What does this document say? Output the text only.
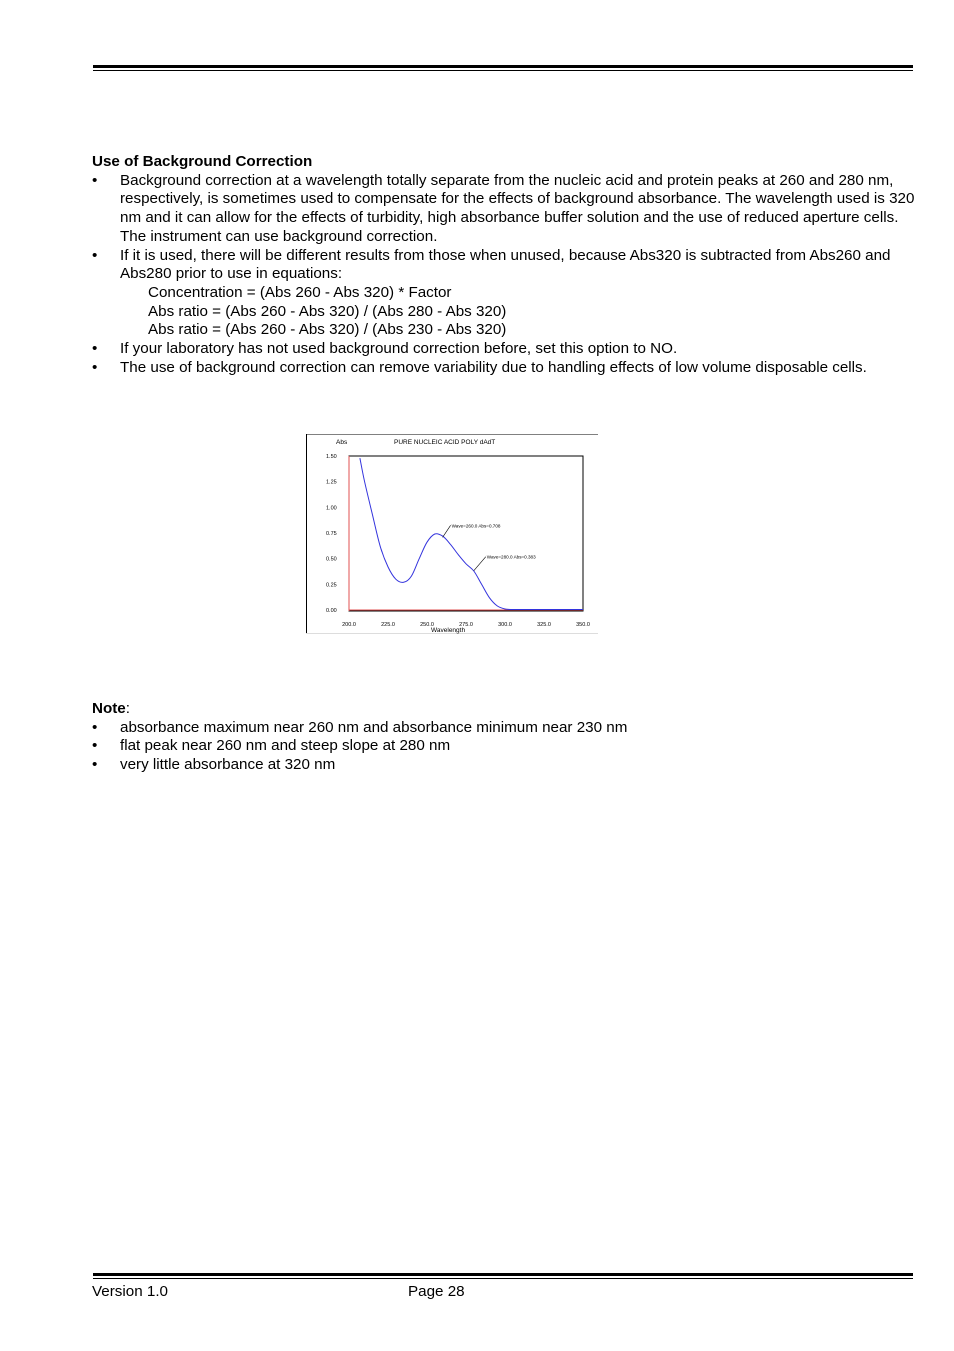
Use of Background Correction
• Background correction at a wavelength totally separate from the nucleic acid and protein peaks at 260 and 280 nm, respectively, is sometimes used to compensate for the effects of background absorbance. The wavelength used is 320 nm and it can allow for the effects of turbidity, high absorbance buffer solution and the use of reduced aperture cells. The instrument can use background correction.
• If it is used, there will be different results from those when unused, because Abs320 is subtracted from Abs260 and Abs280 prior to use in equations:
Concentration = (Abs 260 - Abs 320) * Factor
Abs ratio = (Abs 260 - Abs 320) / (Abs 280 - Abs 320)
Abs ratio = (Abs 260 - Abs 320) / (Abs 230 - Abs 320)
• If your laboratory has not used background correction before, set this option to NO.
• The use of background correction can remove variability due to handling effects of low volume disposable cells.
Abs	PURE NUCLEIC ACID POLY dAdT
Wavelength
1.50
1.25
1.00
0.75
0.50
0.25
0.00
200.0	225.0	250.0	275.0	300.0	325.0	350.0
Wave=260.0 Abs=0.708
Wave=280.0 Abs=0.383
Note:
• absorbance maximum near 260 nm and absorbance minimum near 230 nm
• flat peak near 260 nm and steep slope at 280 nm
• very little absorbance at 320 nm
Version 1.0	Page 28
